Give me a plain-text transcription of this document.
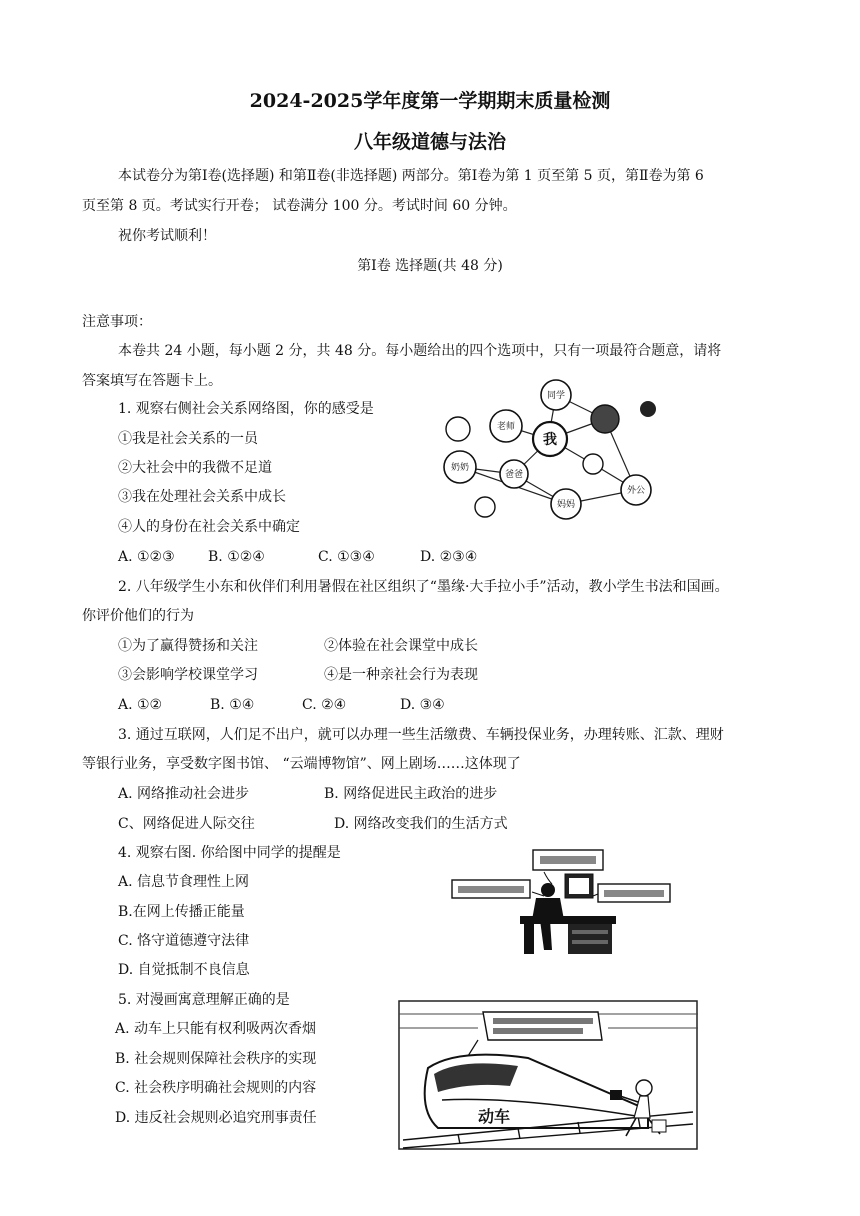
2024-2025学年度第一学期期末质量检测
八年级道德与法治
本试卷分为第Ⅰ卷(选择题) 和第Ⅱ卷(非选择题) 两部分。第Ⅰ卷为第 1 页至第 5 页，第Ⅱ卷为第 6
页至第 8 页。考试实行开卷； 试卷满分 100 分。考试时间 60 分钟。
祝你考试顺利！
第Ⅰ卷 选择题(共 48 分)
注意事项：
本卷共 24 小题，每小题 2 分，共 48 分。每小题给出的四个选项中，只有一项最符合题意，请将
答案填写在答题卡上。
1. 观察右侧社会关系网络图，你的感受是
①我是社会关系的一员
②大社会中的我微不足道
③我在处理社会关系中成长
④人的身份在社会关系中确定
A. ①②③ B. ①②④	C. ①③④	D. ②③④
老师
同学
我
奶奶
爸爸
妈妈
外公
2. 八年级学生小东和伙伴们利用暑假在社区组织了“墨缘·大手拉小手”活动，教小学生书法和国画。
你评价他们的行为
①为了赢得赞扬和关注	②体验在社会课堂中成长
③会影响学校课堂学习	④是一种亲社会行为表现
A. ①②	B. ①④	C. ②④	D. ③④
3. 通过互联网，人们足不出户，就可以办理一些生活缴费、车辆投保业务，办理转账、汇款、理财
等银行业务，享受数字图书馆、 “云端博物馆”、网上剧场……这体现了
A. 网络推动社会进步	B. 网络促进民主政治的进步
C、网络促进人际交往	D. 网络改变我们的生活方式
4. 观察右图. 你给图中同学的提醒是
A. 信息节食理性上网
B.在网上传播正能量
C. 恪守道德遵守法律
D. 自觉抵制不良信息
5. 对漫画寓意理解正确的是
A. 动车上只能有权利吸两次香烟
B. 社会规则保障社会秩序的实现
C. 社会秩序明确社会规则的内容
D. 违反社会规则必追究刑事责任	动车
